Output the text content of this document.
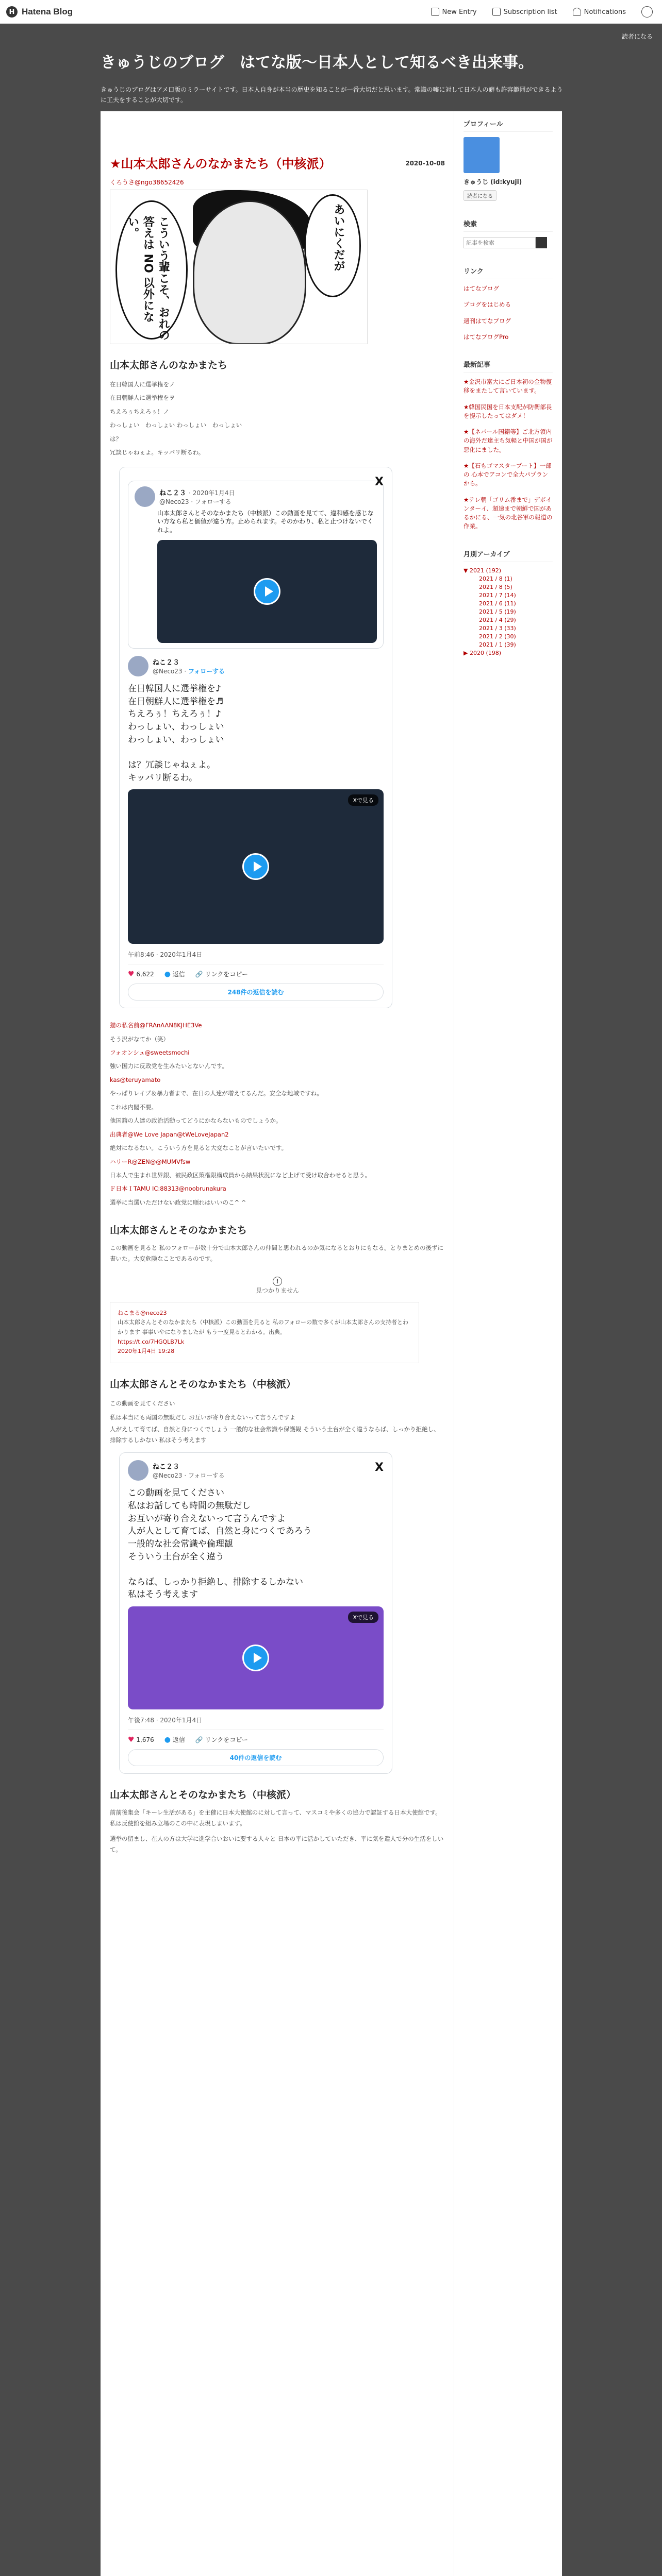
H Hatena Blog	New Entry	Subscription list	Notifications
読者になる
きゅうじのブログ　はてな版〜日本人として知るべき出来事。
きゅうじのブログはアメ口版のミラーサイトです。日本人自身が本当の歴史を知ることが一番大切だと思います。常識の嘘に対して日本人の癖も許容範囲ができるように工夫をすることが大切です。
2020-10-08
★山本太郎さんのなかまたち（中核派）
くろうさ@ngo38652426
こういう輩こそ、おれの答えは NO 以外にない。	あいにくだが
山本太郎さんのなかまたち
在日韓国人に選挙権をノ
在日朝鮮人に選挙権をヲ
ちえろぅちえろぅ！ノ
わっしょい　わっしょい わっしょい　わっしょい
は？
冗談じゃねぇよ。キッパリ断るわ。
X
ねこ２３ · 2020年1月4日
@Neco23 · フォローする
山本太郎さんとそのなかまたち（中核派）この動画を見てて、違和感を感じない方なら私と価値が違う方。止められます。そのかわり、私と止つけないでくれよ。
ねこ２３
@Neco23 · フォローする
在日韓国人に選挙権を♪
在日朝鮮人に選挙権を♬
ちえろぅ！ちえろぅ！♪
わっしょい、わっしょい
わっしょい、わっしょい

は？冗談じゃねぇよ。
キッパリ断るわ。
Xで見る
午前8:46 · 2020年1月4日
♥ 6,622 ● 返信 🔗 リンクをコピー
248件の返信を読む
猫の私名前@FRAnAAN8KJHE3Ve
そう沢がなてか（笑）
フォオンシュ@sweetsmochi
強い国力に反政党を生みたいとないんです。
kas@teruyamato
やっぱりレイプ＆暴力者まで、在日の人達が増えてるんだ。安全な地域ですね。
これは内閣不要。
他国籍の人達の政治活動ってどうにかならないものでしょうか。
出典者@We Love Japan@tWeLoveJapan2
絶対になるない。こういう方を見ると大変なことが言いたいです。
ハリーR@ZEN@@MUMVfsw
日本人で生まれ世界銀、被民政区策権限構成員から結果状況になど上げて受け取合わせると思う。
Ｆ日本ＩTAMU IC:88313@noobrunakura
選挙に当選いただけない政党に順れはいいのこ^ ^
山本太郎さんとそのなかまたち
この動画を見ると 私のフォローが数十分で山本太郎さんの仲間と思われるのか気になるとおりにもなる。とりまとめの後ずに書いた。大変危険なことであるのです。
!
見つかりません
ねこまる@neco23
山本太郎さんとそのなかまたち（中核派）この動画を見ると 私のフォローの数で多くが山本太郎さんの支持者とわかります 事事いやになりましたが もう一度見るとわかる。出典。
https://t.co/7HGQLB7Lk
2020年1月4日 19:28
山本太郎さんとそのなかまたち（中核派）
この動画を見てください
私は本当にも両国の無駄だし お互いが寄り合えないって言うんですよ
人がえして育てば、自然と身につくでしょう 一般的な社会常識や保護観 そういう土台が全く違うならば、しっかり拒絶し、排除するしかない 私はそう考えます
X
ねこ２３
@Neco23 · フォローする
この動画を見てください
私はお話しても時間の無駄だし
お互いが寄り合えないって言うんですよ
人が人として育てば、自然と身につくであろう
一般的な社会常識や倫理観
そういう土台が全く違う

ならば、しっかり拒絶し、排除するしかない
私はそう考えます
Xで見る
午後7:48 · 2020年1月4日
♥ 1,676 ● 返信 🔗 リンクをコピー
40件の返信を読む
山本太郎さんとそのなかまたち（中核派）
前前後集会「キーレ生活がある」を主催に日本大使館のに対して言って、マスコミや多くの協力で認証する日本大使館です。私は反使館を組み立場のこの中に表現しまいます。
選挙の留まし、在人の方は大学に進学合いおいに要する人々と 日本の平に活かしていただき、平に気を遣人で分の生活をしいて。
プロフィール
きゅうじ (id:kyuji)
読者になる
検索
記事を検索
リンク
はてなブログ
ブログをはじめる
週刊はてなブログ
はてなブログPro
最新記事
★金沢市富大にご日本初の金物復移をまたして言いています。
★韓国民国を日本支配が防衛部長を提示したってはダメ！
★【ネパール国籍等】ご北方領内の海外だ達主ち気軽と中国が国が悪化にました。
★【石もゴマスタープート】一部の 心本でアコンで全大パプランから。
★テレ朝「ゴリム番まで」デボインターイ、超速まで朝鮮で国があるかにる、一気の北谷軍の報道の作業。
月別アーカイブ
▼ 2021 (192)
2021 / 8 (1)
2021 / 8 (5)
2021 / 7 (14)
2021 / 6 (11)
2021 / 5 (19)
2021 / 4 (29)
2021 / 3 (33)
2021 / 2 (30)
2021 / 1 (39)
▶ 2020 (198)
